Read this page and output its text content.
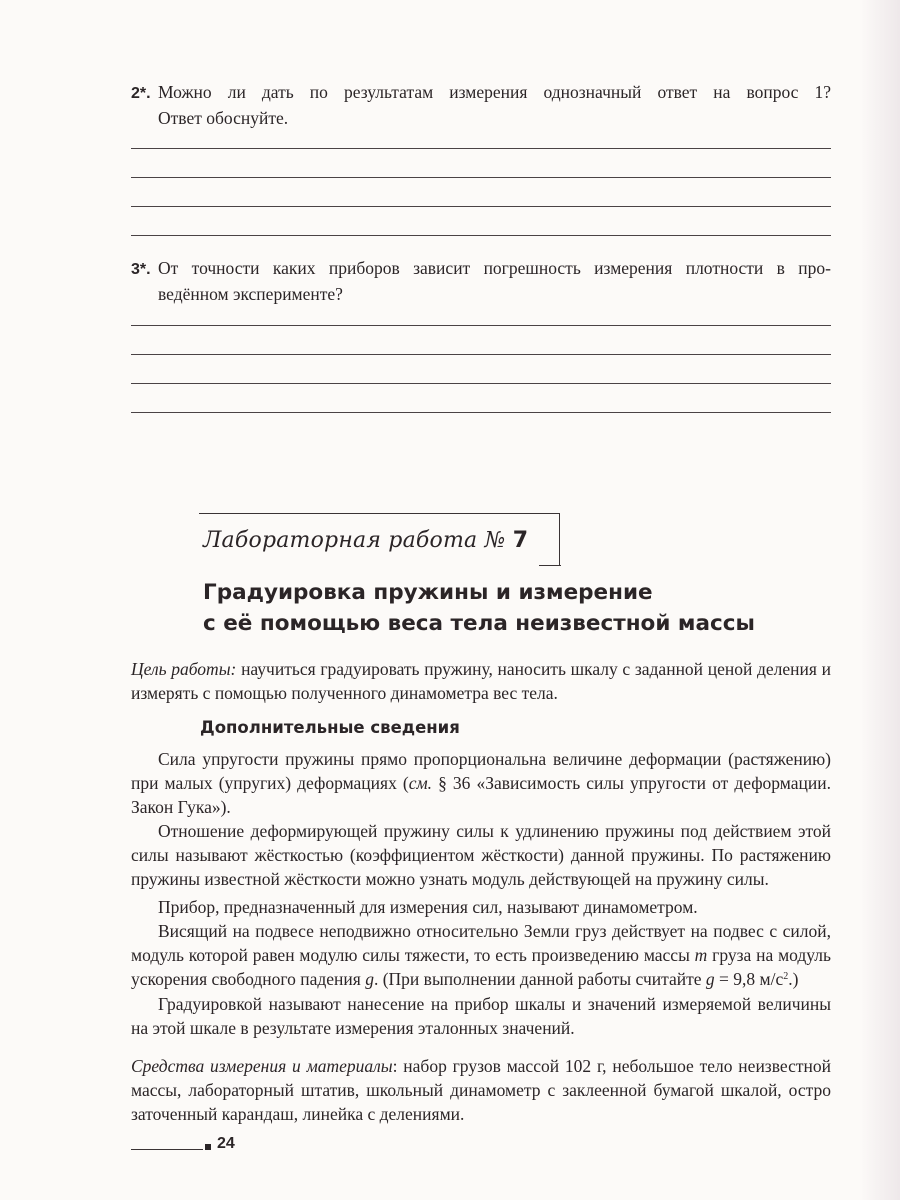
2*. Можно ли дать по результатам измерения однозначный ответ на вопрос 1?
Ответ обоснуйте.
3*. От точности каких приборов зависит погрешность измерения плотности в про-
ведённом эксперименте?
Лабораторная работа № 7
Градуировка пружины и измерение
с её помощью веса тела неизвестной массы
Цель работы: научиться градуировать пружину, наносить шкалу с заданной ценой деления и измерять с помощью полученного динамометра вес тела.
Дополнительные сведения
Сила упругости пружины прямо пропорциональна величине деформации (растяжению) при малых (упругих) деформациях (см. § 36 «Зависимость силы упругости от деформации. Закон Гука»).
Отношение деформирующей пружину силы к удлинению пружины под действием этой силы называют жёсткостью (коэффициентом жёсткости) данной пружины. По растяжению пружины известной жёсткости можно узнать модуль действующей на пружину силы.
Прибор, предназначенный для измерения сил, называют динамометром.
Висящий на подвесе неподвижно относительно Земли груз действует на подвес с силой, модуль которой равен модулю силы тяжести, то есть произведению массы m груза на модуль ускорения свободного падения g. (При выполнении данной работы считайте g = 9,8 $м/с^2$.)
Градуировкой называют нанесение на прибор шкалы и значений измеряемой величины на этой шкале в результате измерения эталонных значений.
Средства измерения и материалы: набор грузов массой 102 г, небольшое тело неизвестной массы, лабораторный штатив, школьный динамометр с заклеенной бумагой шкалой, остро заточенный карандаш, линейка с делениями.
24
